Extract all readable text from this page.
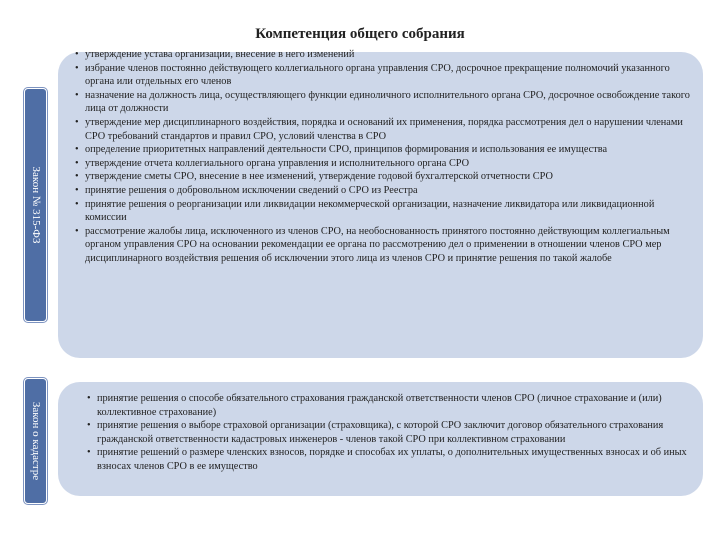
Компетенция общего собрания
• утверждение устава организации, внесение в него изменений
• избрание членов постоянно действующего коллегиального органа управления СРО, досрочное прекращение полномочий указанного органа или отдельных его членов
• назначение на должность лица, осуществляющего функции единоличного исполнительного органа СРО, досрочное освобождение такого лица от должности
• утверждение мер дисциплинарного воздействия, порядка и оснований их применения, порядка рассмотрения дел о нарушении членами СРО требований стандартов и правил СРО, условий членства в СРО
• определение приоритетных направлений деятельности СРО, принципов формирования и использования ее имущества
• утверждение отчета коллегиального органа управления и исполнительного органа СРО
• утверждение сметы СРО, внесение в нее изменений, утверждение годовой бухгалтерской отчетности СРО
• принятие решения о добровольном исключении сведений о СРО из Реестра
• принятие решения о реорганизации или ликвидации некоммерческой организации, назначение ликвидатора или ликвидационной комиссии
• рассмотрение жалобы лица, исключенного из членов СРО, на необоснованность принятого постоянно действующим коллегиальным органом управления СРО на основании рекомендации ее органа по рассмотрению дел о применении в отношении членов СРО мер дисциплинарного воздействия решения об исключении этого лица из членов СРО и принятие решения по такой жалобе
Закон № 315-ФЗ
• принятие решения о способе обязательного страхования гражданской ответственности членов СРО (личное страхование и (или) коллективное страхование)
• принятие решения о выборе страховой организации (страховщика), с которой СРО заключит договор обязательного страхования гражданской ответственности кадастровых инженеров - членов такой СРО при коллективном страховании
• принятие решений о размере членских взносов, порядке и способах их уплаты, о дополнительных имущественных взносах и об иных взносах членов СРО в ее имущество
Закон о кадастре
